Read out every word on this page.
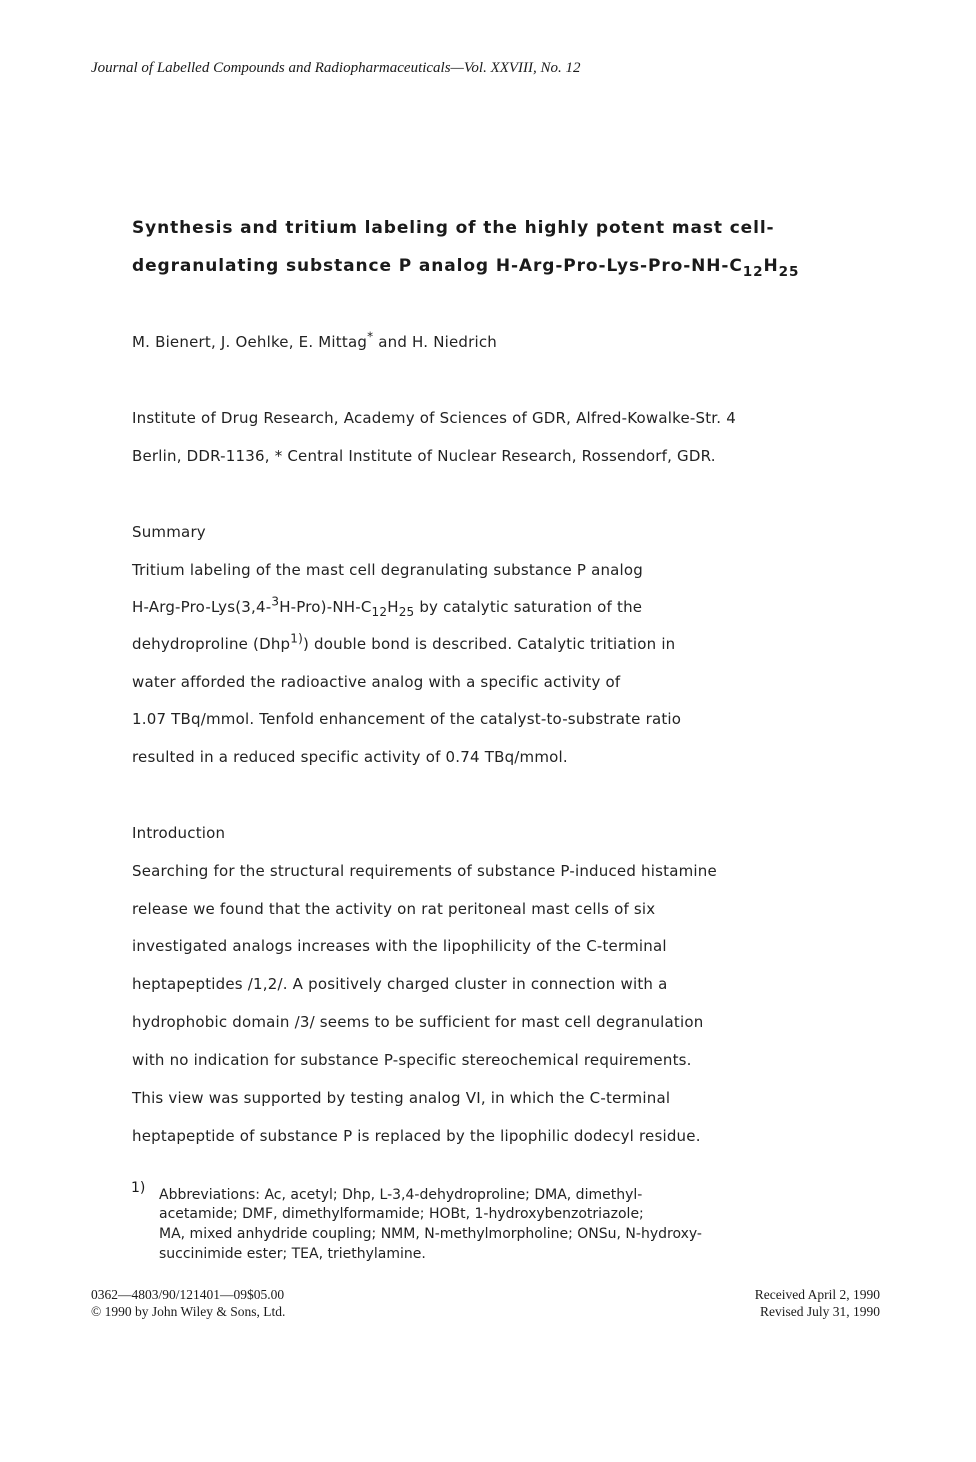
Journal of Labelled Compounds and Radiopharmaceuticals—Vol. XXVIII, No. 12
Synthesis and tritium labeling of the highly potent mast cell-
degranulating substance P analog $H-Arg-Pro-Lys-Pro-NH-C_{12}H_{25}$
M. Bienert, J. Oehlke, E. Mittag* and H. Niedrich
Institute of Drug Research, Academy of Sciences of GDR, Alfred-Kowalke-Str. 4
Berlin, DDR-1136, * Central Institute of Nuclear Research, Rossendorf, GDR.
Summary
Tritium labeling of the mast cell degranulating substance P analog
$H-Arg-Pro-Lys(3,4-^3H-Pro)-NH-C_{12}H_{25}$ by catalytic saturation of the
dehydroproline (Dhp$^{1)}$) double bond is described. Catalytic tritiation in
water afforded the radioactive analog with a specific activity of
1.07 TBq/mmol. Tenfold enhancement of the catalyst-to-substrate ratio
resulted in a reduced specific activity of 0.74 TBq/mmol.
Introduction
Searching for the structural requirements of substance P-induced histamine
release we found that the activity on rat peritoneal mast cells of six
investigated analogs increases with the lipophilicity of the C-terminal
heptapeptides /1,2/. A positively charged cluster in connection with a
hydrophobic domain /3/ seems to be sufficient for mast cell degranulation
with no indication for substance P-specific stereochemical requirements.
This view was supported by testing analog VI, in which the C-terminal
heptapeptide of substance P is replaced by the lipophilic dodecyl residue.
1) Abbreviations: Ac, acetyl; Dhp, L-3,4-dehydroproline; DMA, dimethyl-
acetamide; DMF, dimethylformamide; HOBt, 1-hydroxybenzotriazole;
MA, mixed anhydride coupling; NMM, N-methylmorpholine; ONSu, N-hydroxy-
succinimide ester; TEA, triethylamine.
0362—4803/90/121401—09$05.00
© 1990 by John Wiley & Sons, Ltd.
Received April 2, 1990
Revised July 31, 1990
